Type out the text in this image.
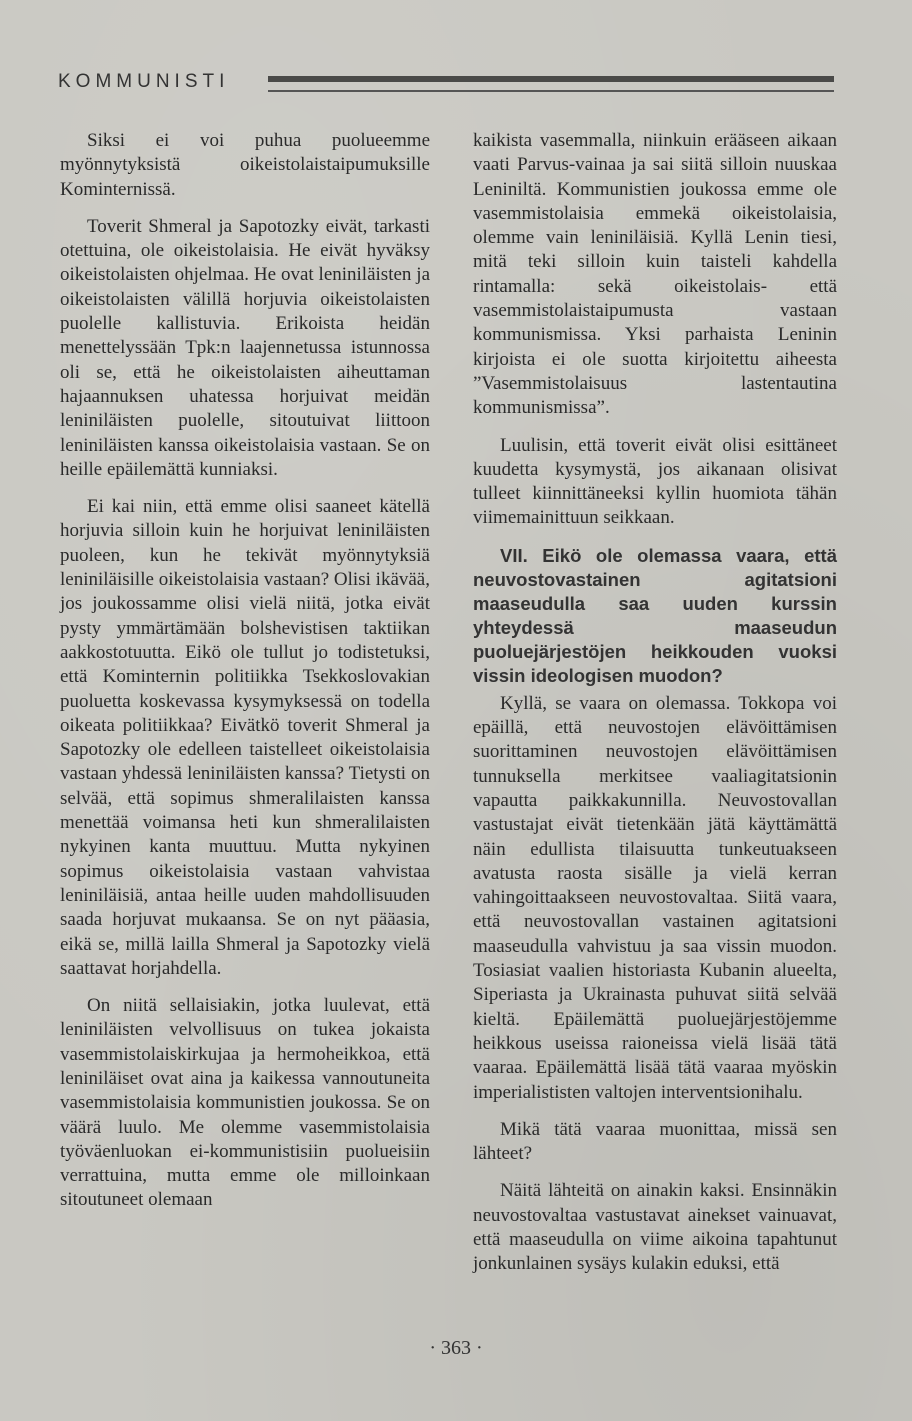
KOMMUNISTI

Siksi ei voi puhua puolueemme myönnytyksistä oikeistolaistaipumuksille Kominternissä.

Toverit Shmeral ja Sapotozky eivät, tarkasti otettuina, ole oikeistolaisia. He eivät hyväksy oikeistolaisten ohjelmaa. He ovat leniniläisten ja oikeistolaisten välillä horjuvia oikeistolaisten puolelle kallistuvia. Erikoista heidän menettelyssään Tpk:n laajennetussa istunnossa oli se, että he oikeistolaisten aiheuttaman hajaannuksen uhatessa horjuivat meidän leniniläisten puolelle, sitoutuivat liittoon leniniläisten kanssa oikeistolaisia vastaan. Se on heille epäilemättä kunniaksi.

Ei kai niin, että emme olisi saaneet kätellä horjuvia silloin kuin he horjuivat leniniläisten puoleen, kun he tekivät myönnytyksiä leniniläisille oikeistolaisia vastaan? Olisi ikävää, jos joukossamme olisi vielä niitä, jotka eivät pysty ymmärtämään bolshevistisen taktiikan aakkostotuutta. Eikö ole tullut jo todistetuksi, että Kominternin politiikka Tsekkoslovakian puoluetta koskevassa kysymyksessä on todella oikeata politiikkaa? Eivätkö toverit Shmeral ja Sapotozky ole edelleen taistelleet oikeistolaisia vastaan yhdessä leniniläisten kanssa? Tietysti on selvää, että sopimus shmeralilaisten kanssa menettää voimansa heti kun shmeralilaisten nykyinen kanta muuttuu. Mutta nykyinen sopimus oikeistolaisia vastaan vahvistaa leniniläisiä, antaa heille uuden mahdollisuuden saada horjuvat mukaansa. Se on nyt pääasia, eikä se, millä lailla Shmeral ja Sapotozky vielä saattavat horjahdella.

On niitä sellaisiakin, jotka luulevat, että leniniläisten velvollisuus on tukea jokaista vasemmistolaiskirkujaa ja hermoheikkoa, että leniniläiset ovat aina ja kaikessa vannoutuneita vasemmistolaisia kommunistien joukossa. Se on väärä luulo. Me olemme vasemmistolaisia työväenluokan ei-kommunistisiin puolueisiin verrattuina, mutta emme ole milloinkaan sitoutuneet olemaan

kaikista vasemmalla, niinkuin erääseen aikaan vaati Parvus-vainaa ja sai siitä silloin nuuskaa Leniniltä. Kommunistien joukossa emme ole vasemmistolaisia emmekä oikeistolaisia, olemme vain leniniläisiä. Kyllä Lenin tiesi, mitä teki silloin kuin taisteli kahdella rintamalla: sekä oikeistolais- että vasemmistolaistaipumusta vastaan kommunismissa. Yksi parhaista Leninin kirjoista ei ole suotta kirjoitettu aiheesta ”Vasemmistolaisuus lastentautina kommunismissa”.

Luulisin, että toverit eivät olisi esittäneet kuudetta kysymystä, jos aikanaan olisivat tulleet kiinnittäneeksi kyllin huomiota tähän viimemainittuun seikkaan.

VII. Eikö ole olemassa vaara, että neuvostovastainen agitatsioni maaseudulla saa uuden kurssin yhteydessä maaseudun puoluejärjestöjen heikkouden vuoksi vissin ideologisen muodon?

Kyllä, se vaara on olemassa. Tokkopa voi epäillä, että neuvostojen elävöittämisen suorittaminen neuvostojen elävöittämisen tunnuksella merkitsee vaaliagitatsionin vapautta paikkakunnilla. Neuvostovallan vastustajat eivät tietenkään jätä käyttämättä näin edullista tilaisuutta tunkeutuakseen avatusta raosta sisälle ja vielä kerran vahingoittaakseen neuvostovaltaa. Siitä vaara, että neuvostovallan vastainen agitatsioni maaseudulla vahvistuu ja saa vissin muodon. Tosiasiat vaalien historiasta Kubanin alueelta, Siperiasta ja Ukrainasta puhuvat siitä selvää kieltä. Epäilemättä puoluejärjestöjemme heikkous useissa raioneissa vielä lisää tätä vaaraa. Epäilemättä lisää tätä vaaraa myöskin imperialististen valtojen interventsionihalu.

Mikä tätä vaaraa muonittaa, missä sen lähteet?

Näitä lähteitä on ainakin kaksi. Ensinnäkin neuvostovaltaa vastustavat ainekset vainuavat, että maaseudulla on viime aikoina tapahtunut jonkunlainen sysäys kulakin eduksi, että

· 363 ·
